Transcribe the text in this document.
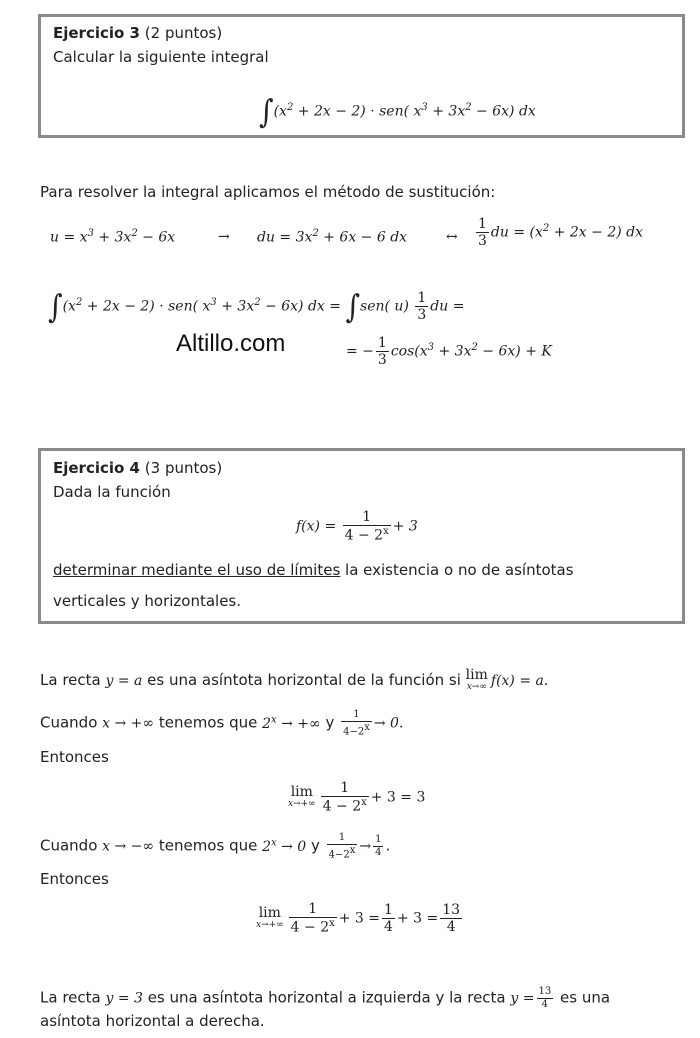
Ejercicio 3 (2 puntos)
Calcular la siguiente integral
$\int(x^2 + 2x - 2) \cdot sen$( $x^3 + 3x^2 - 6x$) dx
Para resolver la integral aplicamos el método de sustitución:
$u = x^3 + 3x^2 - 6x$	→ du = $3x^2 + 6x - 6$ dx	↔ $\frac{1}{3}$ du = $(x^2 + 2x - 2)$ dx
$\int(x^2 + 2x - 2) \cdot sen$( $x^3 + 3x^2 - 6x$) dx = ∫sen( $u) \frac{1}{3}$ du =
Altillo.com	= − $\frac{1}{3} \cos(x^3 + 3x^2 - 6x) + K$
Ejercicio 4 (3 puntos)
Dada la función
$f(x) = \frac{1}{4 - 2^x} + 3$
determinar mediante el uso de límites la existencia o no de asíntotas
verticales y horizontales.
La recta y = a es una asíntota horizontal de la función si lim
x→∞ f(x) = a.
Cuando x → +∞ tenemos que $2^x$ → +∞ y $\frac{1}{4-2^x} \to 0$.
Entonces
lim
$x\to+\infty \frac{1}{4 - 2^x} + 3 = 3$
Cuando x → −∞ tenemos que $2^x \to 0$ y $\frac{1}{4-2^x} \to \frac{1}{4}$ .
Entonces
lim
$x\to+\infty \frac{1}{4 - 2^x} + 3 = \frac{1}{4} + 3 = \frac{13}{4}$
La recta y = 3 es una asíntota horizontal a izquierda y la recta $y = \frac{13}{4}$ es una
asíntota horizontal a derecha.
